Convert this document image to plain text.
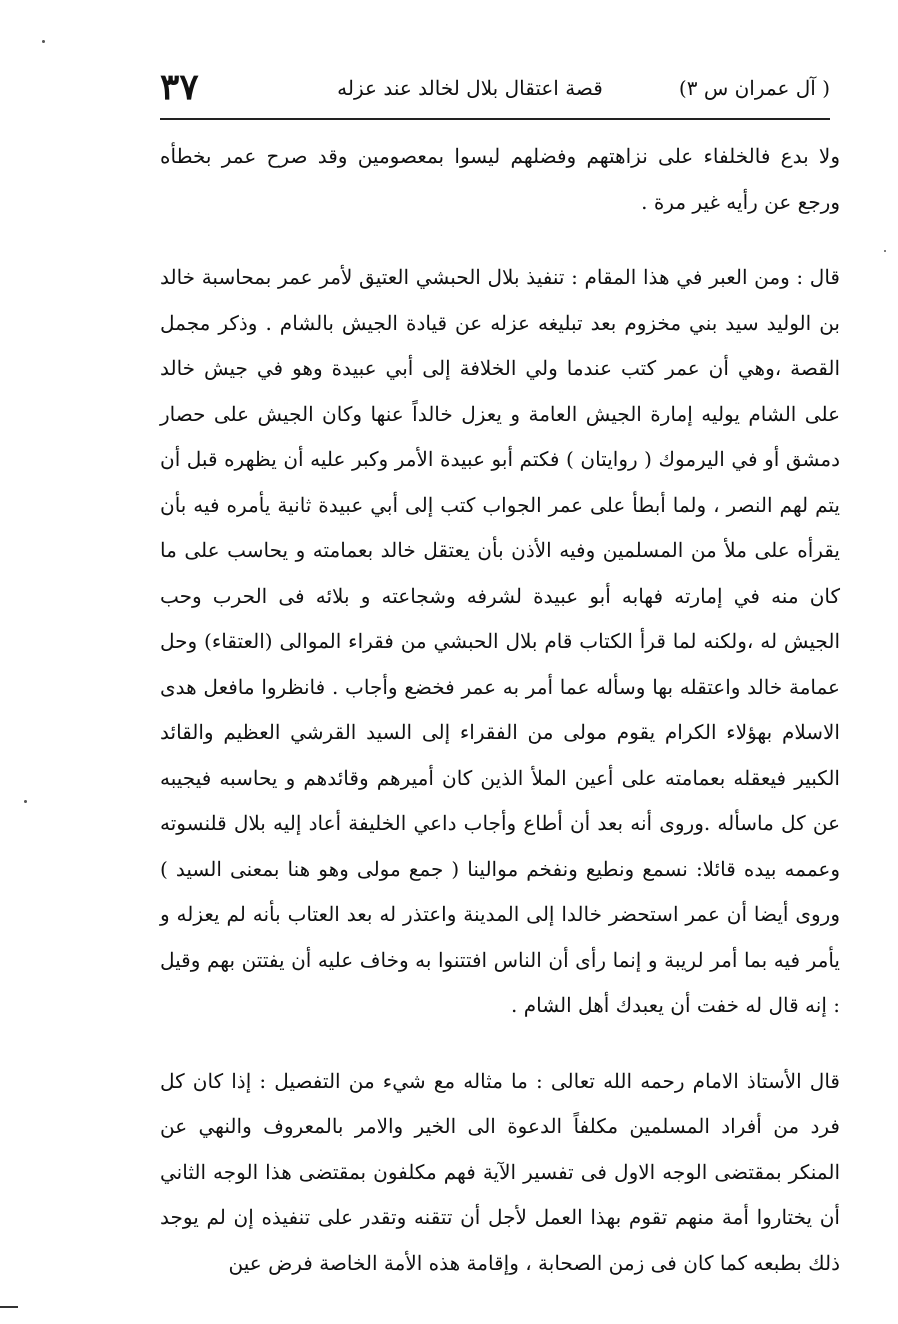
٣٧	قصة اعتقال بلال لخالد عند عزله	( آل عمران س ٣)

ولا بدع فالخلفاء على نزاهتهم وفضلهم ليسوا بمعصومين وقد صرح عمر بخطأه ورجع عن رأيه غير مرة .

قال : ومن العبر في هذا المقام : تنفيذ بلال الحبشي العتيق لأمر عمر بمحاسبة خالد بن الوليد سيد بني مخزوم بعد تبليغه عزله عن قيادة الجيش بالشام . وذكر مجمل القصة ،وهي أن عمر كتب عندما ولي الخلافة إلى أبي عبيدة وهو في جيش خالد على الشام يوليه إمارة الجيش العامة و يعزل خالداً عنها وكان الجيش على حصار دمشق أو في اليرموك ( روايتان ) فكتم أبو عبيدة الأمر وكبر عليه أن يظهره قبل أن يتم لهم النصر ، ولما أبطأ على عمر الجواب كتب إلى أبي عبيدة ثانية يأمره فيه بأن يقرأه على ملأ من المسلمين وفيه الأذن بأن يعتقل خالد بعمامته و يحاسب على ما كان منه في إمارته فهابه أبو عبيدة لشرفه وشجاعته و بلائه فى الحرب وحب الجيش له ،ولكنه لما قرأ الكتاب قام بلال الحبشي من فقراء الموالى (العتقاء) وحل عمامة خالد واعتقله بها وسأله عما أمر به عمر فخضع وأجاب . فانظروا مافعل هدى الاسلام بهؤلاء الكرام يقوم مولى من الفقراء إلى السيد القرشي العظيم والقائد الكبير فيعقله بعمامته على أعين الملأ الذين كان أميرهم وقائدهم و يحاسبه فيجيبه عن كل ماسأله .وروى أنه بعد أن أطاع وأجاب داعي الخليفة أعاد إليه بلال قلنسوته وعممه بيده قائلا: نسمع ونطيع ونفخم موالينا ( جمع مولى وهو هنا بمعنى السيد ) وروى أيضا أن عمر استحضر خالدا إلى المدينة واعتذر له بعد العتاب بأنه لم يعزله و يأمر فيه بما أمر لريبة و إنما رأى أن الناس افتتنوا به وخاف عليه أن يفتتن بهم وقيل : إنه قال له خفت أن يعبدك أهل الشام .

قال الأستاذ الامام رحمه الله تعالى : ما مثاله مع شيء من التفصيل : إذا كان كل فرد من أفراد المسلمين مكلفاً الدعوة الى الخير والامر بالمعروف والنهي عن المنكر بمقتضى الوجه الاول فى تفسير الآية فهم مكلفون بمقتضى هذا الوجه الثاني أن يختاروا أمة منهم تقوم بهذا العمل لأجل أن تتقنه وتقدر على تنفيذه إن لم يوجد ذلك بطبعه كما كان فى زمن الصحابة ، وإقامة هذه الأمة الخاصة فرض عين
